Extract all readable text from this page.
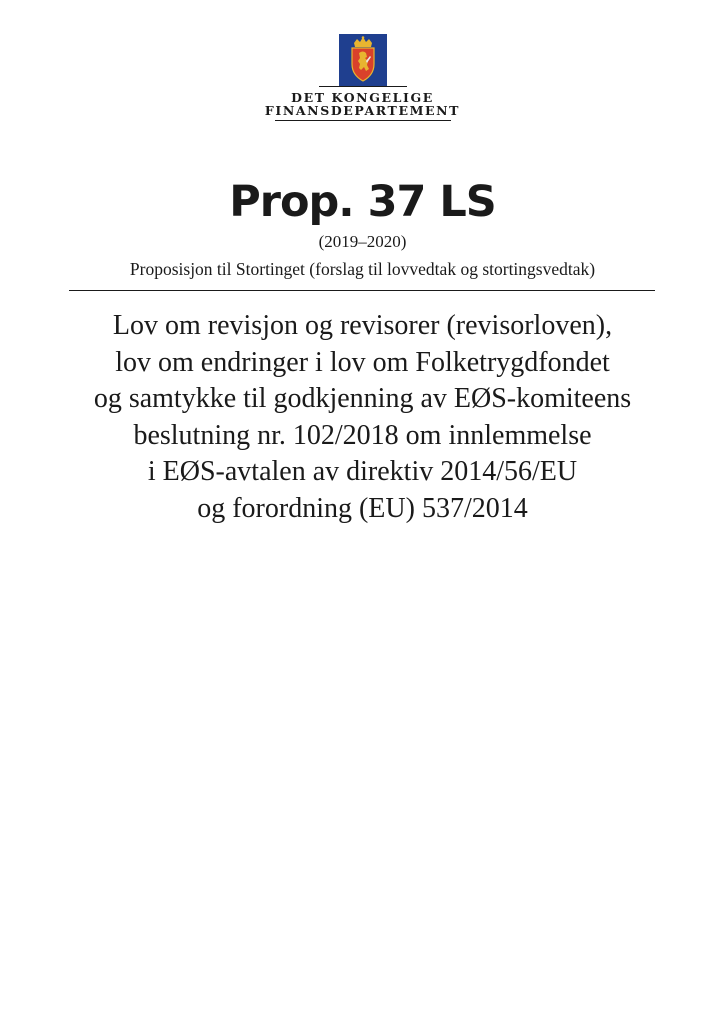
DET KONGELIGE
FINANSDEPARTEMENT
Prop. 37 LS
(2019–2020)
Proposisjon til Stortinget (forslag til lovvedtak og stortingsvedtak)
Lov om revisjon og revisorer (revisorloven),
lov om endringer i lov om Folketrygdfondet
og samtykke til godkjenning av EØS-komiteens
beslutning nr. 102/2018 om innlemmelse
i EØS-avtalen av direktiv 2014/56/EU
og forordning (EU) 537/2014
